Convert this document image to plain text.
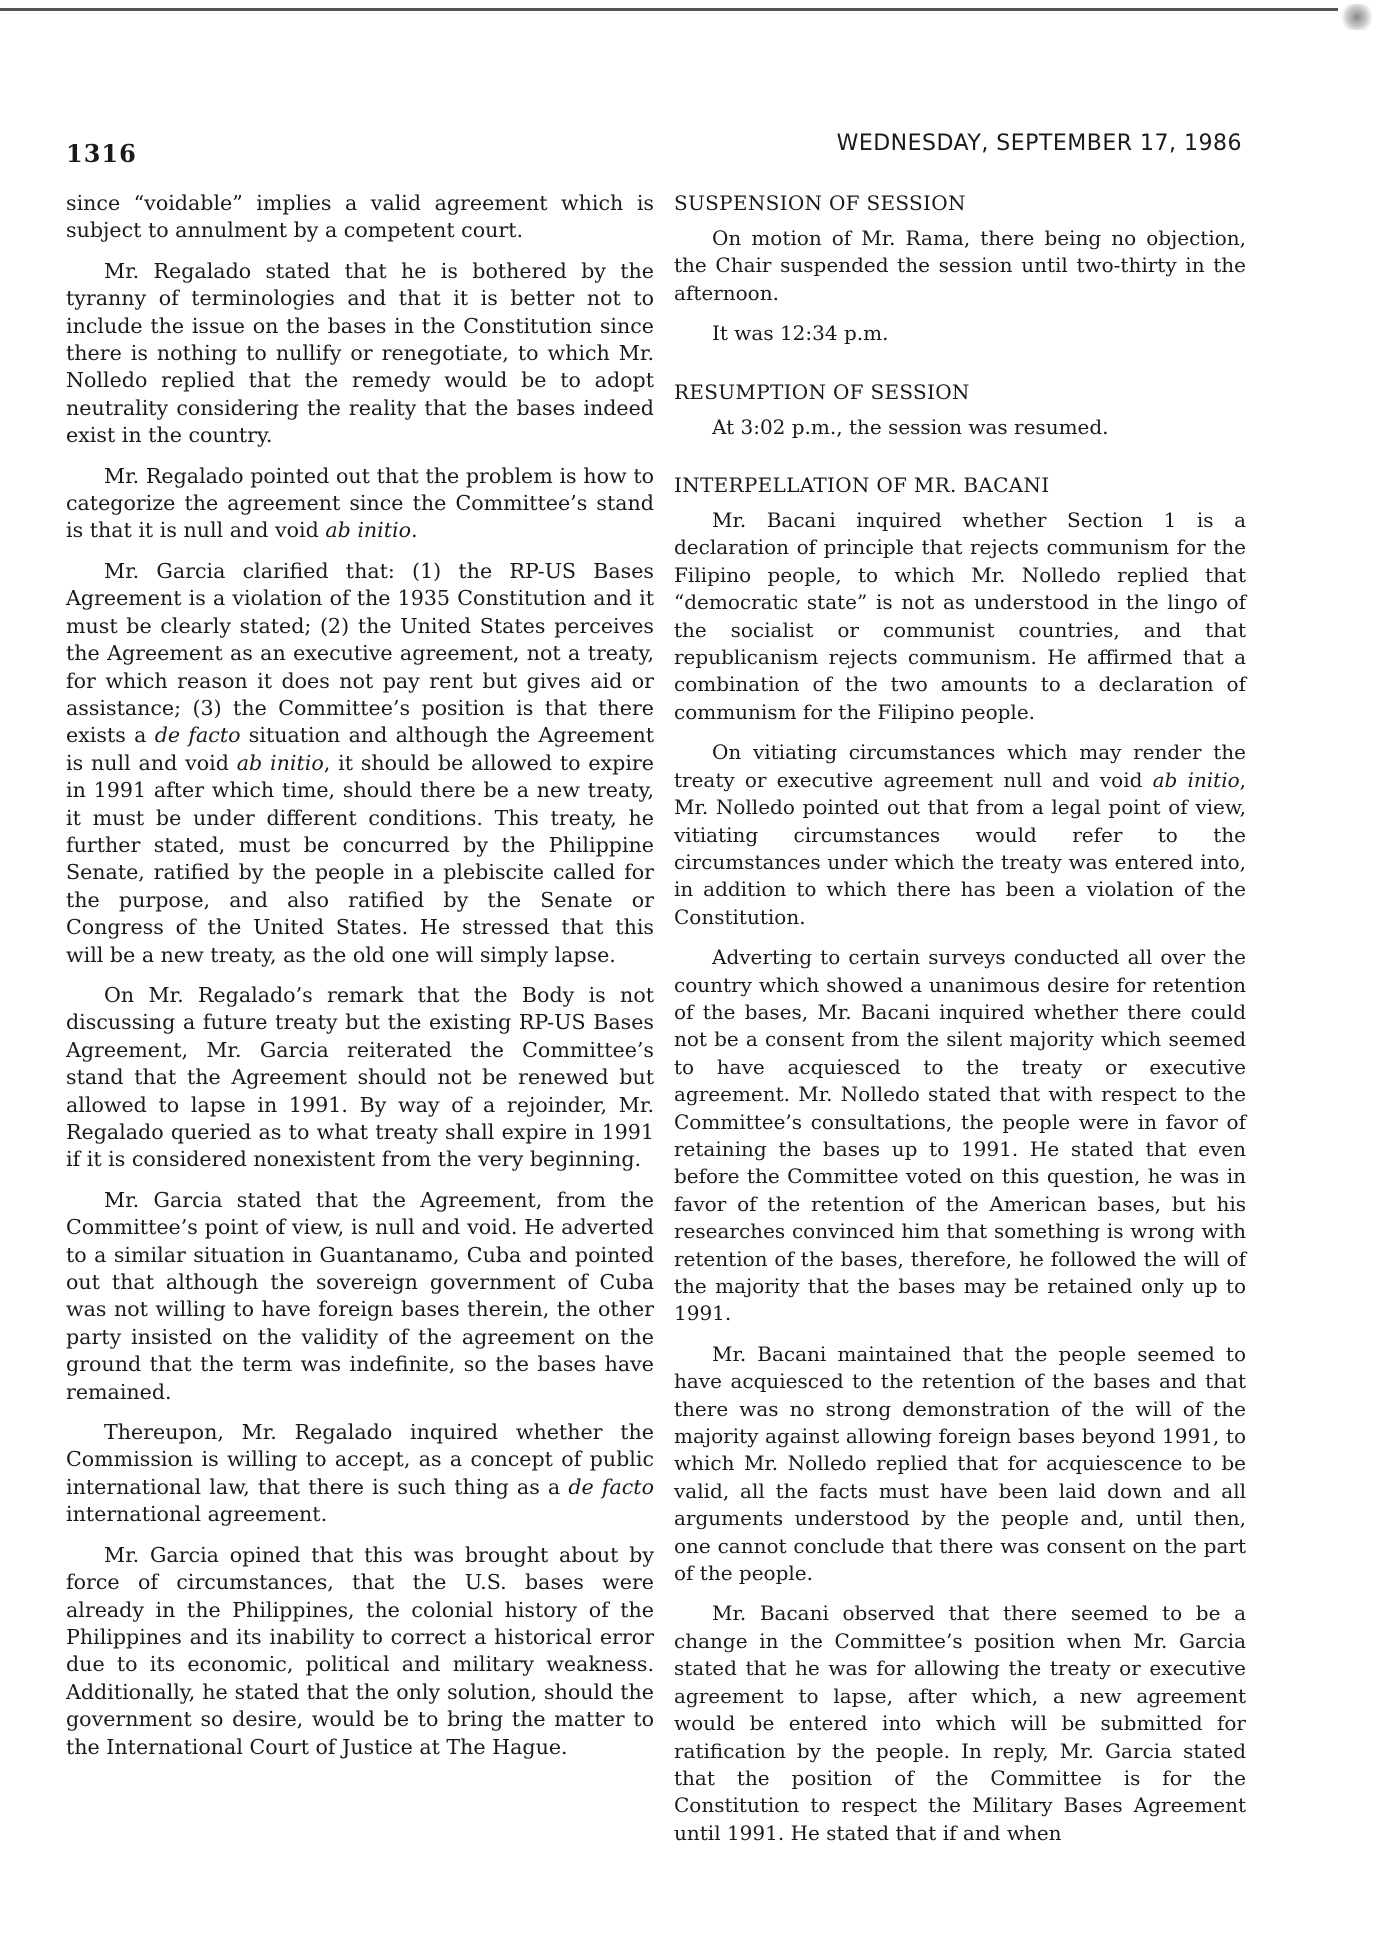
1316	WEDNESDAY, SEPTEMBER 17, 1986

since “voidable” implies a valid agreement which is subject to annulment by a competent court.

Mr. Regalado stated that he is bothered by the tyranny of terminologies and that it is better not to include the issue on the bases in the Constitution since there is nothing to nullify or renegotiate, to which Mr. Nolledo replied that the remedy would be to adopt neutrality considering the reality that the bases indeed exist in the country.

Mr. Regalado pointed out that the problem is how to categorize the agreement since the Committee’s stand is that it is null and void ab initio.

Mr. Garcia clarified that: (1) the RP-US Bases Agreement is a violation of the 1935 Constitution and it must be clearly stated; (2) the United States perceives the Agreement as an executive agreement, not a treaty, for which reason it does not pay rent but gives aid or assistance; (3) the Committee’s position is that there exists a de facto situation and although the Agreement is null and void ab initio, it should be allowed to expire in 1991 after which time, should there be a new treaty, it must be under different conditions. This treaty, he further stated, must be concurred by the Philippine Senate, ratified by the people in a plebiscite called for the purpose, and also ratified by the Senate or Congress of the United States. He stressed that this will be a new treaty, as the old one will simply lapse.

On Mr. Regalado’s remark that the Body is not discussing a future treaty but the existing RP-US Bases Agreement, Mr. Garcia reiterated the Committee’s stand that the Agreement should not be renewed but allowed to lapse in 1991. By way of a rejoinder, Mr. Regalado queried as to what treaty shall expire in 1991 if it is considered nonexistent from the very beginning.

Mr. Garcia stated that the Agreement, from the Committee’s point of view, is null and void. He adverted to a similar situation in Guantanamo, Cuba and pointed out that although the sovereign government of Cuba was not willing to have foreign bases therein, the other party insisted on the validity of the agreement on the ground that the term was indefinite, so the bases have remained.

Thereupon, Mr. Regalado inquired whether the Commission is willing to accept, as a concept of public international law, that there is such thing as a de facto international agreement.

Mr. Garcia opined that this was brought about by force of circumstances, that the U.S. bases were already in the Philippines, the colonial history of the Philippines and its inability to correct a historical error due to its economic, political and military weakness. Additionally, he stated that the only solution, should the government so desire, would be to bring the matter to the International Court of Justice at The Hague.

SUSPENSION OF SESSION

On motion of Mr. Rama, there being no objection, the Chair suspended the session until two-thirty in the afternoon.

It was 12:34 p.m.

RESUMPTION OF SESSION

At 3:02 p.m., the session was resumed.

INTERPELLATION OF MR. BACANI

Mr. Bacani inquired whether Section 1 is a declaration of principle that rejects communism for the Filipino people, to which Mr. Nolledo replied that “democratic state” is not as understood in the lingo of the socialist or communist countries, and that republicanism rejects communism. He affirmed that a combination of the two amounts to a declaration of communism for the Filipino people.

On vitiating circumstances which may render the treaty or executive agreement null and void ab initio, Mr. Nolledo pointed out that from a legal point of view, vitiating circumstances would refer to the circumstances under which the treaty was entered into, in addition to which there has been a violation of the Constitution.

Adverting to certain surveys conducted all over the country which showed a unanimous desire for retention of the bases, Mr. Bacani inquired whether there could not be a consent from the silent majority which seemed to have acquiesced to the treaty or executive agreement. Mr. Nolledo stated that with respect to the Committee’s consultations, the people were in favor of retaining the bases up to 1991. He stated that even before the Committee voted on this question, he was in favor of the retention of the American bases, but his researches convinced him that something is wrong with retention of the bases, therefore, he followed the will of the majority that the bases may be retained only up to 1991.

Mr. Bacani maintained that the people seemed to have acquiesced to the retention of the bases and that there was no strong demonstration of the will of the majority against allowing foreign bases beyond 1991, to which Mr. Nolledo replied that for acquiescence to be valid, all the facts must have been laid down and all arguments understood by the people and, until then, one cannot conclude that there was consent on the part of the people.

Mr. Bacani observed that there seemed to be a change in the Committee’s position when Mr. Garcia stated that he was for allowing the treaty or executive agreement to lapse, after which, a new agreement would be entered into which will be submitted for ratification by the people. In reply, Mr. Garcia stated that the position of the Committee is for the Constitution to respect the Military Bases Agreement until 1991. He stated that if and when
